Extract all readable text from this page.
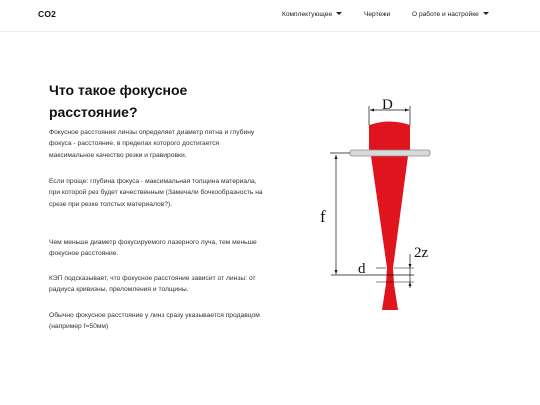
CO2	Комплектующее	Чертежи	О работе и настройке
Что такое фокусное расстояние?

Фокусное расстояния линзы определяет диаметр пятна и глубину фокуса - расстояние, в пределах которого достигается максимальное качество резки и гравировки.

Если проще: глубина фокуса - максимальная толщина материала, при которой рез будет качественным (Замечали бочкообразность на срезе при резке толстых материалов?).

Чем меньше диаметр фокусируемого лазерного луча, тем меньше фокусное расстояние.

КЭП подсказывает, что фокусное расстояние зависит от линзы: от радиуса кривизны, преломления и толщины.

Обычно фокусное расстояние у линз сразу указывается продавцом (например f=50мм)

D
f
d
2z
